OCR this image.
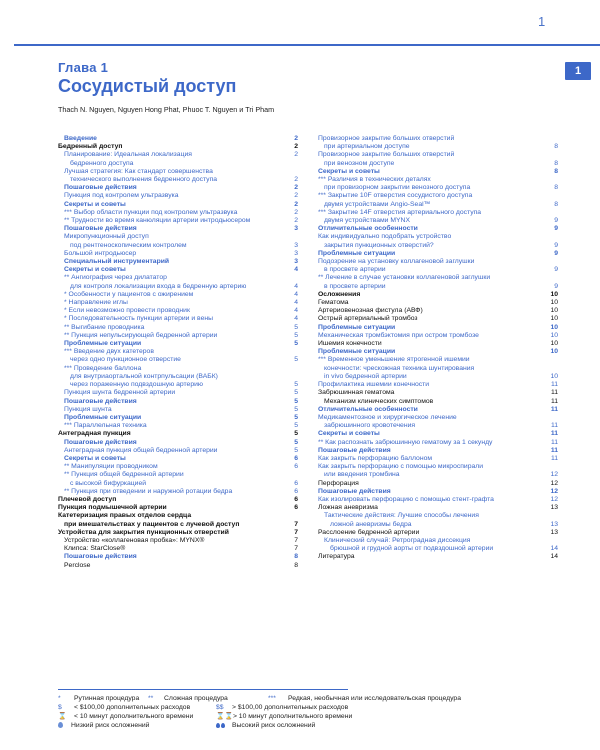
1
1
Глава 1
Сосудистый доступ
Thach N. Nguyen, Nguyen Hong Phat, Phuoc T. Nguyen и Tri Pham
Введение	2
Бедренный доступ	2
Планирование: Идеальная локализация	2
бедренного доступа
Лучшая стратегия: Как стандарт совершенства
технического выполнения бедренного доступа	2
Пошаговые действия	2
Пункция под контролем ультразвука	2
Секреты и советы	2
*** Выбор области пункции под контролем ультразвука	2
** Трудности во время канюляции артерии интродьюсером	2
Пошаговые действия	3
Микропункционный доступ
под рентгеноскопическим контролем	3
Большой интродьюсер	3
Специальный инструментарий	3
Секреты и советы	4
** Ангиография через дилататор
для контроля локализации входа в бедренную артерию	4
* Особенности у пациентов с ожирением	4
* Направление иглы	4
* Если невозможно провести проводник	4
* Последовательность пункции артерии и вены	4
** Выгибание проводника	5
** Пункция непульсирующей бедренной артерии	5
Проблемные ситуации	5
*** Введение двух катетеров
через одно пункционное отверстие	5
*** Проведение баллона
для внутриаортальной контрпульсации (ВАБК)
через пораженную подвздошную артерию	5
Пункция шунта бедренной артерии	5
Пошаговые действия	5
Пункция шунта	5
Проблемные ситуации	5
*** Параллельная техника	5
Антеградная пункция	5
Пошаговые действия	5
Антеградная пункция общей бедренной артерии	5
Секреты и советы	6
** Манипуляции проводником	6
** Пункция общей бедренной артерии
с высокой бифуркацией	6
** Пункция при отведении и наружной ротации бедра	6
Плечевой доступ	6
Пункция подмышечной артерии	6
Катетеризация правых отделов сердца
при вмешательствах у пациентов с лучевой доступ	7
Устройства для закрытия пункционных отверстий	7
Устройство «коллагеновая пробка»: MYNX®	7
Клипса: StarClose®	7
Пошаговые действия	8
Perclose	8
Провизорное закрытие больших отверстий
при артериальном доступе	8
Провизорное закрытие больших отверстий
при венозном доступе	8
Секреты и советы	8
*** Различия в технических деталях
при провизорном закрытии венозного доступа	8
*** Закрытие 10F отверстия сосудистого доступа
двумя устройствами Angio-Seal™	8
*** Закрытие 14F отверстия артериального доступа
двумя устройствами MYNX	9
Отличительные особенности	9
Как индивидуально подобрать устройство
закрытия пункционных отверстий?	9
Проблемные ситуации	9
Подозрение на установку коллагеновой заглушки
в просвете артерии	9
** Лечение в случае установки коллагеновой заглушки
в просвете артерии	9
Осложнения	10
Гематома	10
Артериовенозная фистула (АВФ)	10
Острый артериальный тромбоз	10
Проблемные ситуации	10
Механическая тромбэктомия при остром тромбозе	10
Ишемия конечности	10
Проблемные ситуации	10
*** Временное уменьшение ятрогенной ишемии
конечности: чрескожная техника шунтирования
in vivo бедренной артерии	10
Профилактика ишемии конечности	11
Забрюшинная гематома	11
Механизм клинических симптомов	11
Отличительные особенности	11
Медикаментозное и хирургическое лечение
забрюшинного кровотечения	11
Секреты и советы	11
** Как распознать забрюшинную гематому за 1 секунду	11
Пошаговые действия	11
Как закрыть перфорацию баллоном	11
Как закрыть перфорацию с помощью микроспирали
или введения тромбина	12
Перфорация	12
Пошаговые действия	12
Как изолировать перфорацию с помощью стент-графта	12
Ложная аневризма	13
Тактические действия: Лучшие способы лечения
ложной аневризмы бедра	13
Расслоение бедренной артерии	13
Клинический случай: Ретроградная диссекция
брюшной и грудной аорты от подвздошной артерии	14
Литература	14
* Рутинная процедура ** Сложная процедура	*** Редкая, необычная или исследовательская процедура
$ < $100,00 дополнительных расходов	$$ > $100,00 дополнительных расходов
⌛ < 10 минут дополнительного времени	⌛⌛> 10 минут дополнительного времени
Низкий риск осложнений	Высокий риск осложнений
